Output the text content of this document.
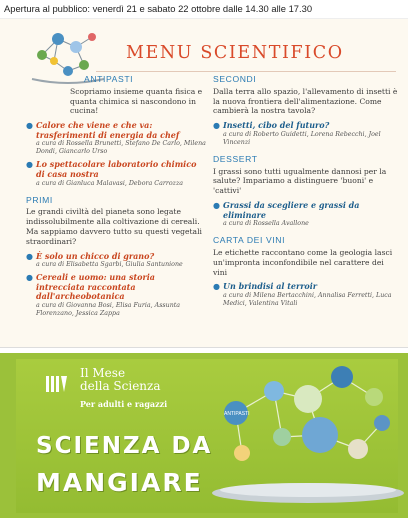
Apertura al pubblico: venerdì 21 e sabato 22 ottobre dalle 14.30 alle 17.30
MENU SCIENTIFICO
ANTIPASTI
Scopriamo insieme quanta fisica e quanta chimica si nascondono in cucina!
● Calore che viene e che va: trasferimenti di energia da chef
a cura di Rossella Brunetti, Stefano De Carlo, Milena Dondi, Giancarlo Urso
● Lo spettacolare laboratorio chimico di casa nostra
a cura di Gianluca Malavasi, Debora Carrozza
PRIMI
Le grandi civiltà del pianeta sono legate indissolubilmente alla coltivazione di cereali. Ma sappiamo davvero tutto su questi vegetali straordinari?
● È solo un chicco di grano?
a cura di Elisabetta Sgarbi, Giulia Santunione
● Cereali e uomo: una storia intrecciata raccontata dall'archeobotanica
a cura di Giovanna Bosi, Elisa Furia, Assunta Florenzano, Jessica Zappa
SECONDI
Dalla terra allo spazio, l'allevamento di insetti è la nuova frontiera dell'alimentazione. Come cambierà la nostra tavola?
● Insetti, cibo del futuro?
a cura di Roberto Guidetti, Lorena Rebecchi, Joel Vincenzi
DESSERT
I grassi sono tutti ugualmente dannosi per la salute? Impariamo a distinguere 'buoni' e 'cattivi'
● Grassi da scegliere e grassi da eliminare
a cura di Rossella Avallone
CARTA DEI VINI
Le etichette raccontano come la geologia lasci un'impronta inconfondibile nel carattere dei vini
● Un brindisi al terroir
a cura di Milena Bertacchini, Annalisa Ferretti, Luca Medici, Valentina Vitali
Il Mese
della Scienza
Per adulti e ragazzi
SCIENZA DA
MANGIARE
ANTIPASTI
